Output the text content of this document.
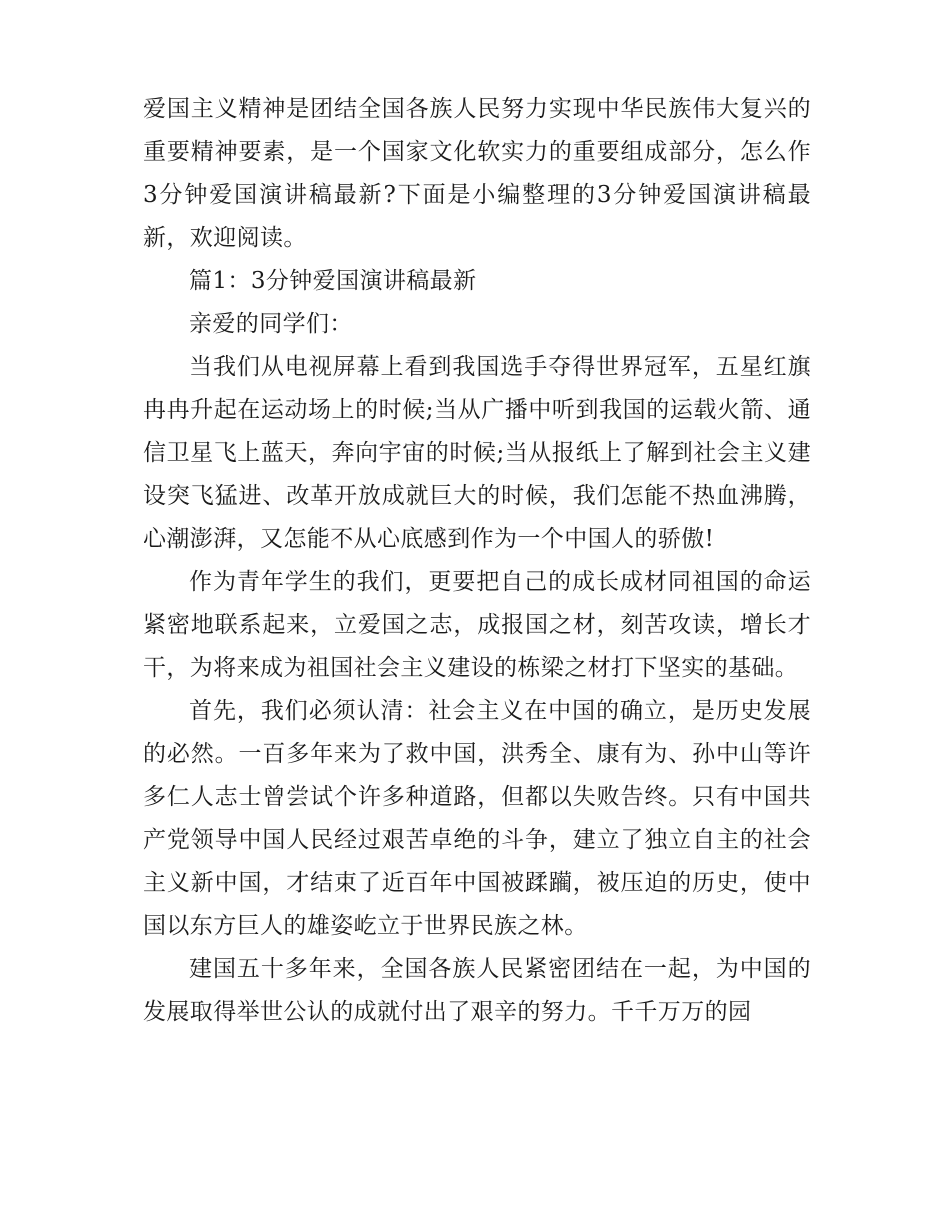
爱国主义精神是团结全国各族人民努力实现中华民族伟大复兴的重要精神要素，是一个国家文化软实力的重要组成部分，怎么作3分钟爱国演讲稿最新?下面是小编整理的3分钟爱国演讲稿最新，欢迎阅读。

篇1：3分钟爱国演讲稿最新

亲爱的同学们：

当我们从电视屏幕上看到我国选手夺得世界冠军，五星红旗冉冉升起在运动场上的时候;当从广播中听到我国的运载火箭、通信卫星飞上蓝天，奔向宇宙的时候;当从报纸上了解到社会主义建设突飞猛进、改革开放成就巨大的时候，我们怎能不热血沸腾，心潮澎湃，又怎能不从心底感到作为一个中国人的骄傲!

作为青年学生的我们，更要把自己的成长成材同祖国的命运紧密地联系起来，立爱国之志，成报国之材，刻苦攻读，增长才干，为将来成为祖国社会主义建设的栋梁之材打下坚实的基础。

首先，我们必须认清：社会主义在中国的确立，是历史发展的必然。一百多年来为了救中国，洪秀全、康有为、孙中山等许多仁人志士曾尝试个许多种道路，但都以失败告终。只有中国共产党领导中国人民经过艰苦卓绝的斗争，建立了独立自主的社会主义新中国，才结束了近百年中国被蹂躏，被压迫的历史，使中国以东方巨人的雄姿屹立于世界民族之林。

建国五十多年来，全国各族人民紧密团结在一起，为中国的发展取得举世公认的成就付出了艰辛的努力。千千万万的园
